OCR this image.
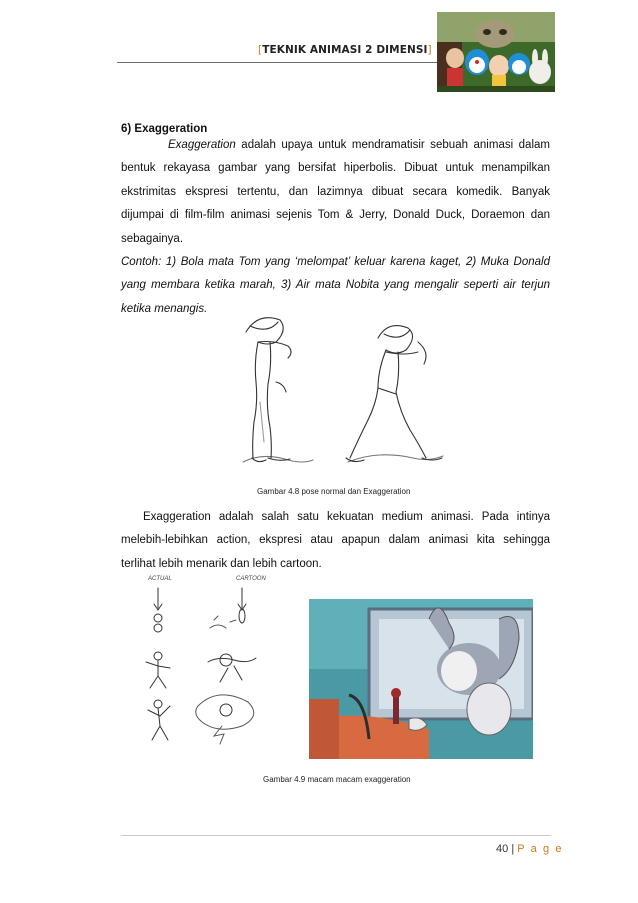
[TEKNIK ANIMASI 2 DIMENSI]
6) Exaggeration
Exaggeration adalah upaya untuk mendramatisir sebuah animasi dalam
bentuk rekayasa gambar yang bersifat hiperbolis. Dibuat untuk menampilkan
ekstrimitas ekspresi tertentu, dan lazimnya dibuat secara komedik. Banyak
dijumpai di film-film animasi sejenis Tom & Jerry, Donald Duck, Doraemon dan
sebagainya.
Contoh: 1) Bola mata Tom yang ‘melompat’ keluar karena kaget, 2) Muka Donald
yang membara ketika marah, 3) Air mata Nobita yang mengalir seperti air terjun
ketika menangis.
Gambar 4.8 pose normal dan Exaggeration
Exaggeration adalah salah satu kekuatan medium animasi. Pada intinya
melebih-lebihkan action, ekspresi atau apapun dalam animasi kita sehingga
terlihat lebih menarik dan lebih cartoon.
ACTUAL	CARTOON
Gambar 4.9 macam macam exaggeration
40 | P a g e
